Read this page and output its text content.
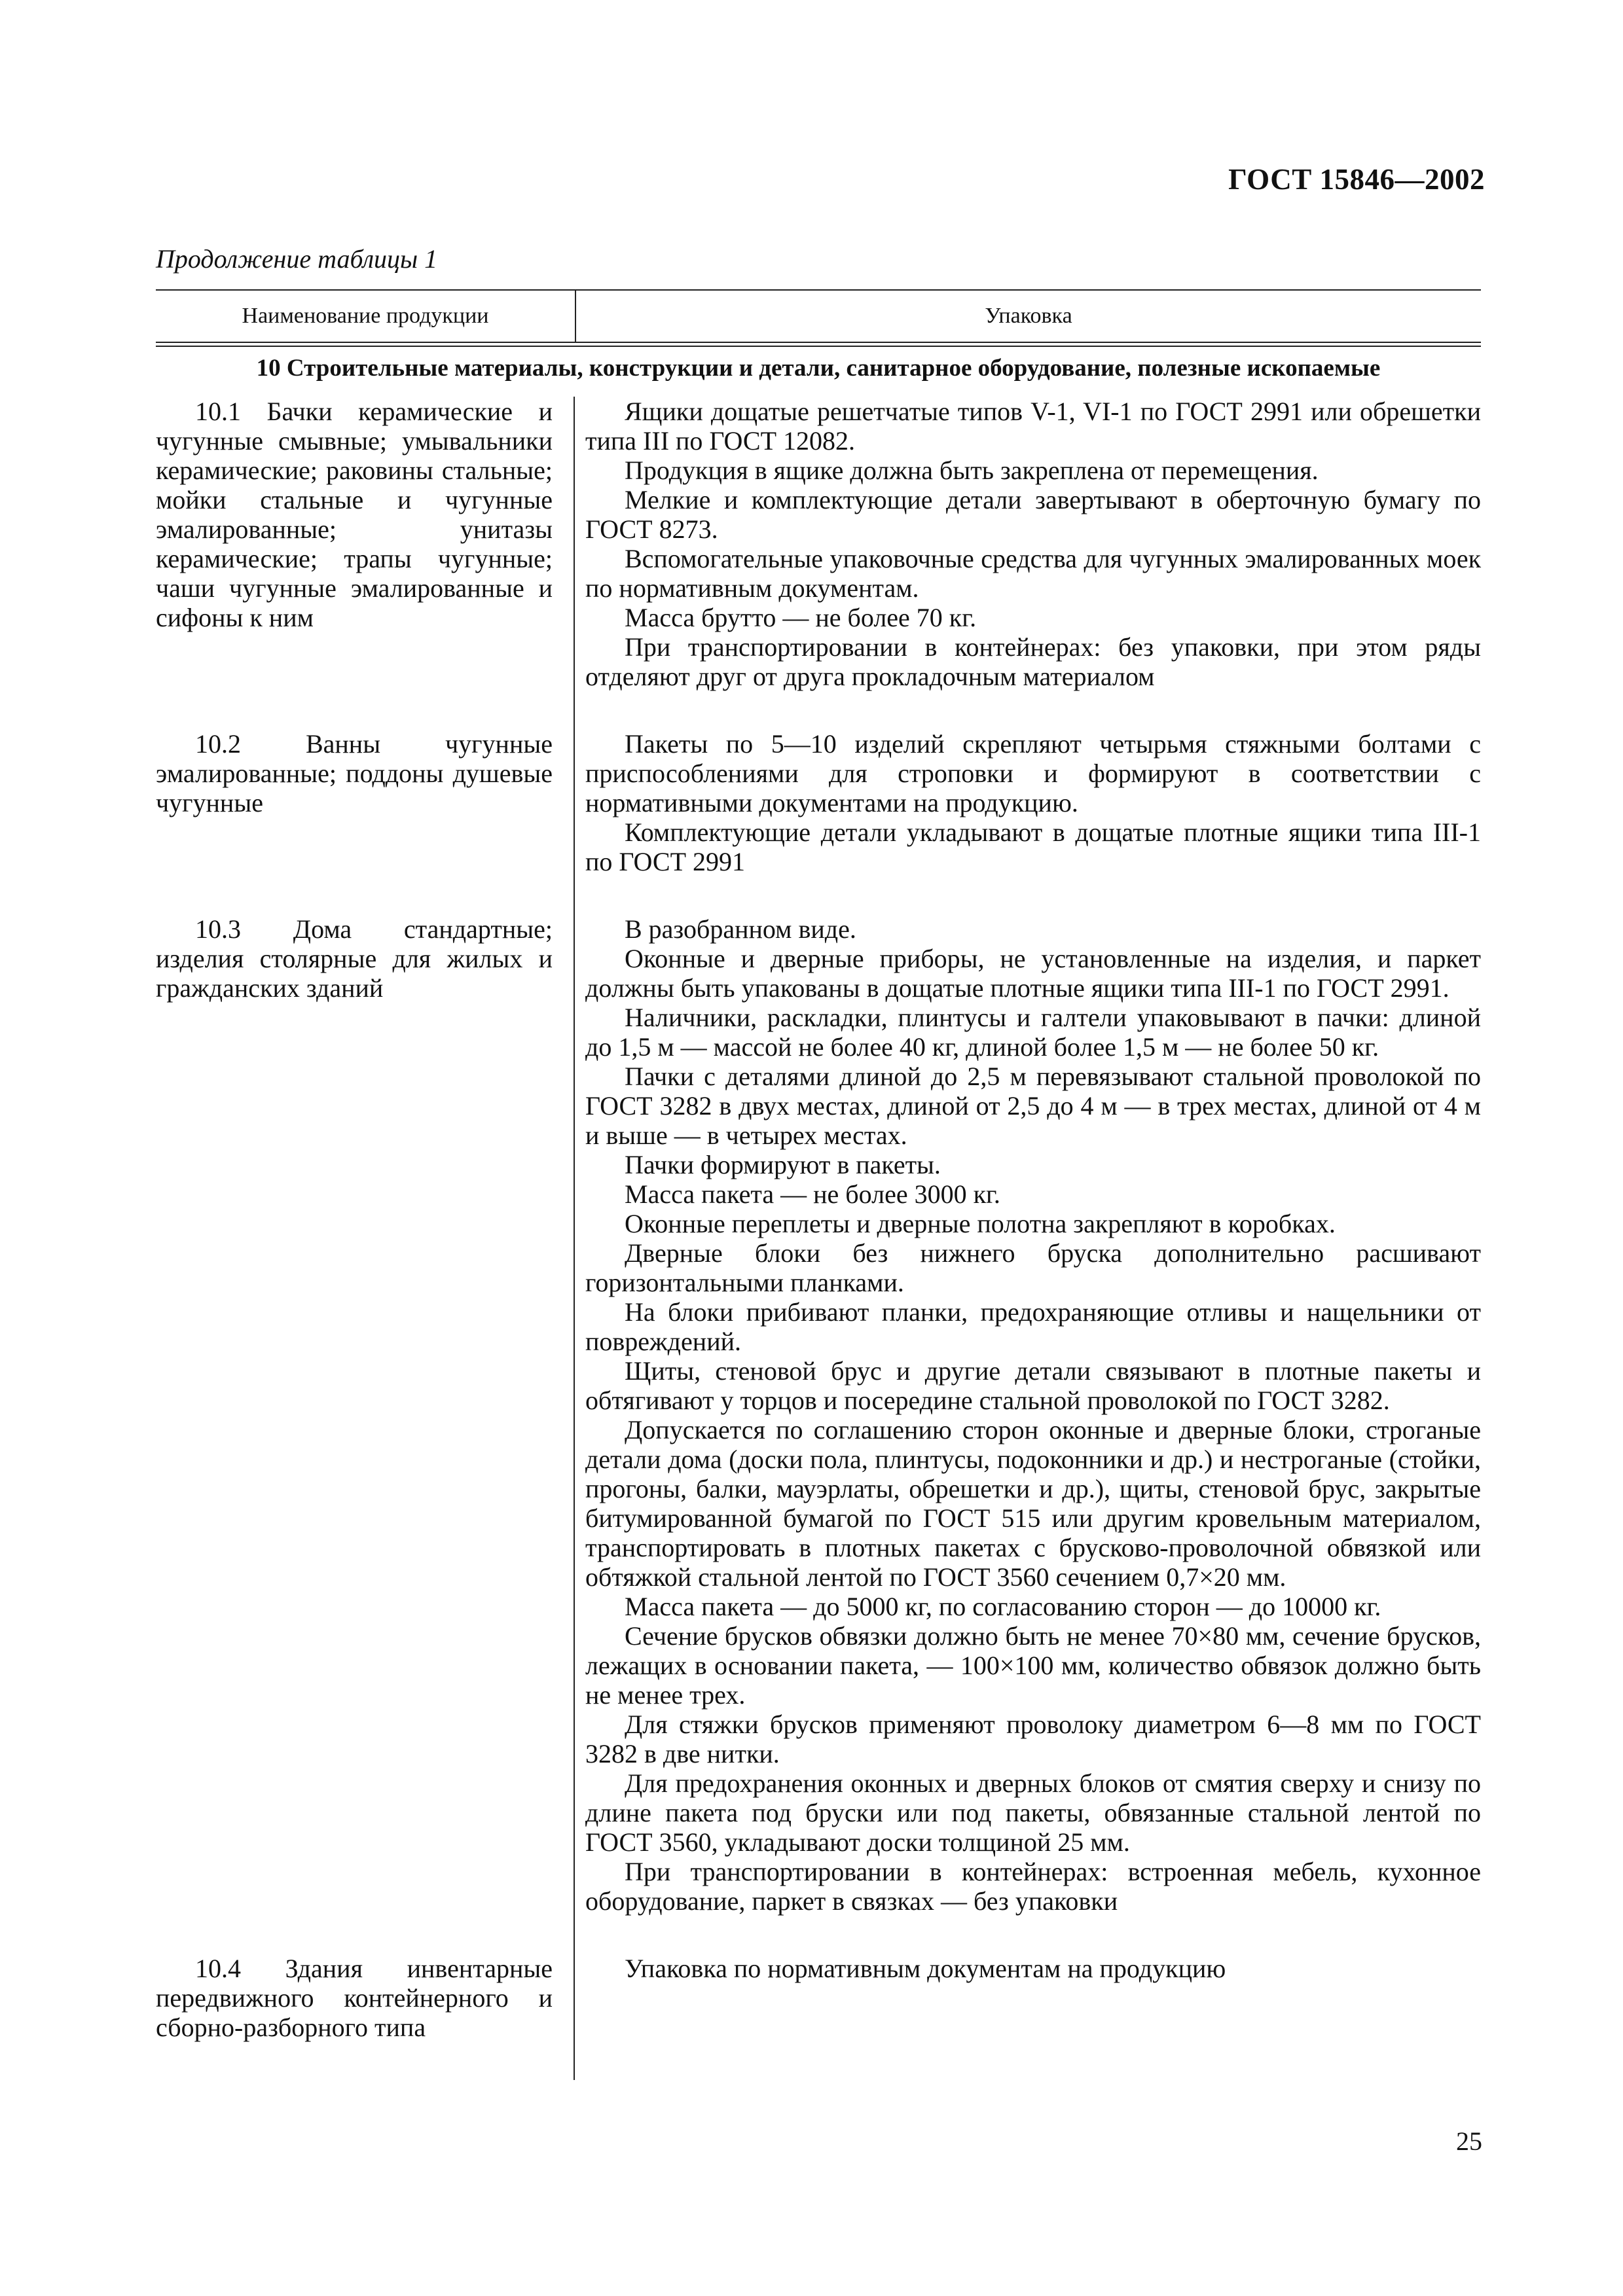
ГОСТ 15846—2002
Продолжение таблицы 1
Наименование продукции	Упаковка
10 Строительные материалы, конструкции и детали, санитарное оборудование, полезные ископаемые

10.1 Бачки керамические и чугунные смывные; умывальники керамические; раковины стальные; мойки стальные и чугунные эмалированные; унитазы керамические; трапы чугунные; чаши чугунные эмалированные и сифоны к ним

Ящики дощатые решетчатые типов V-1, VI-1 по ГОСТ 2991 или обрешетки типа III по ГОСТ 12082.

Продукция в ящике должна быть закреплена от перемещения.

Мелкие и комплектующие детали завертывают в оберточную бумагу по ГОСТ 8273.

Вспомогательные упаковочные средства для чугунных эмалированных моек по нормативным документам.

Масса брутто — не более 70 кг.

При транспортировании в контейнерах: без упаковки, при этом ряды отделяют друг от друга прокладочным материалом

10.2 Ванны чугунные эмалированные; поддоны душевые чугунные

Пакеты по 5—10 изделий скрепляют четырьмя стяжными болтами с приспособлениями для строповки и формируют в соответствии с нормативными документами на продукцию.

Комплектующие детали укладывают в дощатые плотные ящики типа III-1 по ГОСТ 2991

10.3 Дома стандартные; изделия столярные для жилых и гражданских зданий

В разобранном виде.

Оконные и дверные приборы, не установленные на изделия, и паркет должны быть упакованы в дощатые плотные ящики типа III-1 по ГОСТ 2991.

Наличники, раскладки, плинтусы и галтели упаковывают в пачки: длиной до 1,5 м — массой не более 40 кг, длиной более 1,5 м — не более 50 кг.

Пачки с деталями длиной до 2,5 м перевязывают стальной проволокой по ГОСТ 3282 в двух местах, длиной от 2,5 до 4 м — в трех местах, длиной от 4 м и выше — в четырех местах.

Пачки формируют в пакеты.

Масса пакета — не более 3000 кг.

Оконные переплеты и дверные полотна закрепляют в коробках.

Дверные блоки без нижнего бруска дополнительно расшивают горизонтальными планками.

На блоки прибивают планки, предохраняющие отливы и нащельники от повреждений.

Щиты, стеновой брус и другие детали связывают в плотные пакеты и обтягивают у торцов и посередине стальной проволокой по ГОСТ 3282.

Допускается по соглашению сторон оконные и дверные блоки, строганые детали дома (доски пола, плинтусы, подоконники и др.) и нестроганые (стойки, прогоны, балки, мауэрлаты, обрешетки и др.), щиты, стеновой брус, закрытые битумированной бумагой по ГОСТ 515 или другим кровельным материалом, транспортировать в плотных пакетах с брусково-проволочной обвязкой или обтяжкой стальной лентой по ГОСТ 3560 сечением 0,7×20 мм.

Масса пакета — до 5000 кг, по согласованию сторон — до 10000 кг.

Сечение брусков обвязки должно быть не менее 70×80 мм, сечение брусков, лежащих в основании пакета, — 100×100 мм, количество обвязок должно быть не менее трех.

Для стяжки брусков применяют проволоку диаметром 6—8 мм по ГОСТ 3282 в две нитки.

Для предохранения оконных и дверных блоков от смятия сверху и снизу по длине пакета под бруски или под пакеты, обвязанные стальной лентой по ГОСТ 3560, укладывают доски толщиной 25 мм.

При транспортировании в контейнерах: встроенная мебель, кухонное оборудование, паркет в связках — без упаковки

10.4 Здания инвентарные передвижного контейнерного и сборно-разборного типа

Упаковка по нормативным документам на продукцию

25
